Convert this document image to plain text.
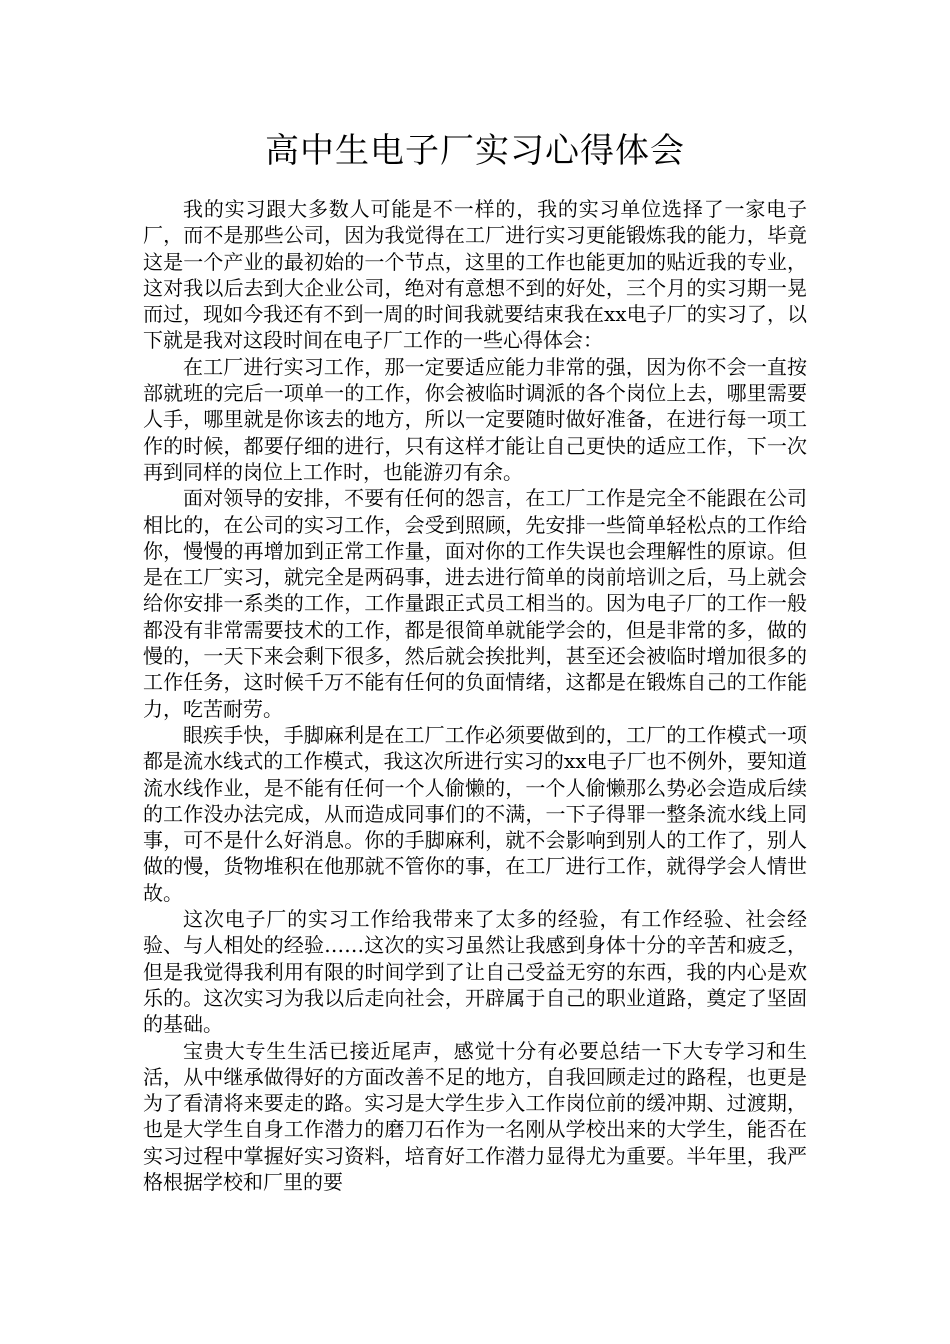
高中生电子厂实习心得体会

我的实习跟大多数人可能是不一样的，我的实习单位选择了一家电子厂，而不是那些公司，因为我觉得在工厂进行实习更能锻炼我的能力，毕竟这是一个产业的最初始的一个节点，这里的工作也能更加的贴近我的专业，这对我以后去到大企业公司，绝对有意想不到的好处，三个月的实习期一晃而过，现如今我还有不到一周的时间我就要结束我在xx电子厂的实习了，以下就是我对这段时间在电子厂工作的一些心得体会：

在工厂进行实习工作，那一定要适应能力非常的强，因为你不会一直按部就班的完后一项单一的工作，你会被临时调派的各个岗位上去，哪里需要人手，哪里就是你该去的地方，所以一定要随时做好准备，在进行每一项工作的时候，都要仔细的进行，只有这样才能让自己更快的适应工作，下一次再到同样的岗位上工作时，也能游刃有余。

面对领导的安排，不要有任何的怨言，在工厂工作是完全不能跟在公司相比的，在公司的实习工作，会受到照顾，先安排一些简单轻松点的工作给你，慢慢的再增加到正常工作量，面对你的工作失误也会理解性的原谅。但是在工厂实习，就完全是两码事，进去进行简单的岗前培训之后，马上就会给你安排一系类的工作，工作量跟正式员工相当的。因为电子厂的工作一般都没有非常需要技术的工作，都是很简单就能学会的，但是非常的多，做的慢的，一天下来会剩下很多，然后就会挨批判，甚至还会被临时增加很多的工作任务，这时候千万不能有任何的负面情绪，这都是在锻炼自己的工作能力，吃苦耐劳。

眼疾手快，手脚麻利是在工厂工作必须要做到的，工厂的工作模式一项都是流水线式的工作模式，我这次所进行实习的xx电子厂也不例外，要知道流水线作业，是不能有任何一个人偷懒的，一个人偷懒那么势必会造成后续的工作没办法完成，从而造成同事们的不满，一下子得罪一整条流水线上同事，可不是什么好消息。你的手脚麻利，就不会影响到别人的工作了，别人做的慢，货物堆积在他那就不管你的事，在工厂进行工作，就得学会人情世故。

这次电子厂的实习工作给我带来了太多的经验，有工作经验、社会经验、与人相处的经验……这次的实习虽然让我感到身体十分的辛苦和疲乏，但是我觉得我利用有限的时间学到了让自己受益无穷的东西，我的内心是欢乐的。这次实习为我以后走向社会，开辟属于自己的职业道路，奠定了坚固的基础。

宝贵大专生生活已接近尾声，感觉十分有必要总结一下大专学习和生活，从中继承做得好的方面改善不足的地方，自我回顾走过的路程，也更是为了看清将来要走的路。实习是大学生步入工作岗位前的缓冲期、过渡期，也是大学生自身工作潜力的磨刀石作为一名刚从学校出来的大学生，能否在实习过程中掌握好实习资料，培育好工作潜力显得尤为重要。半年里，我严格根据学校和厂里的要
